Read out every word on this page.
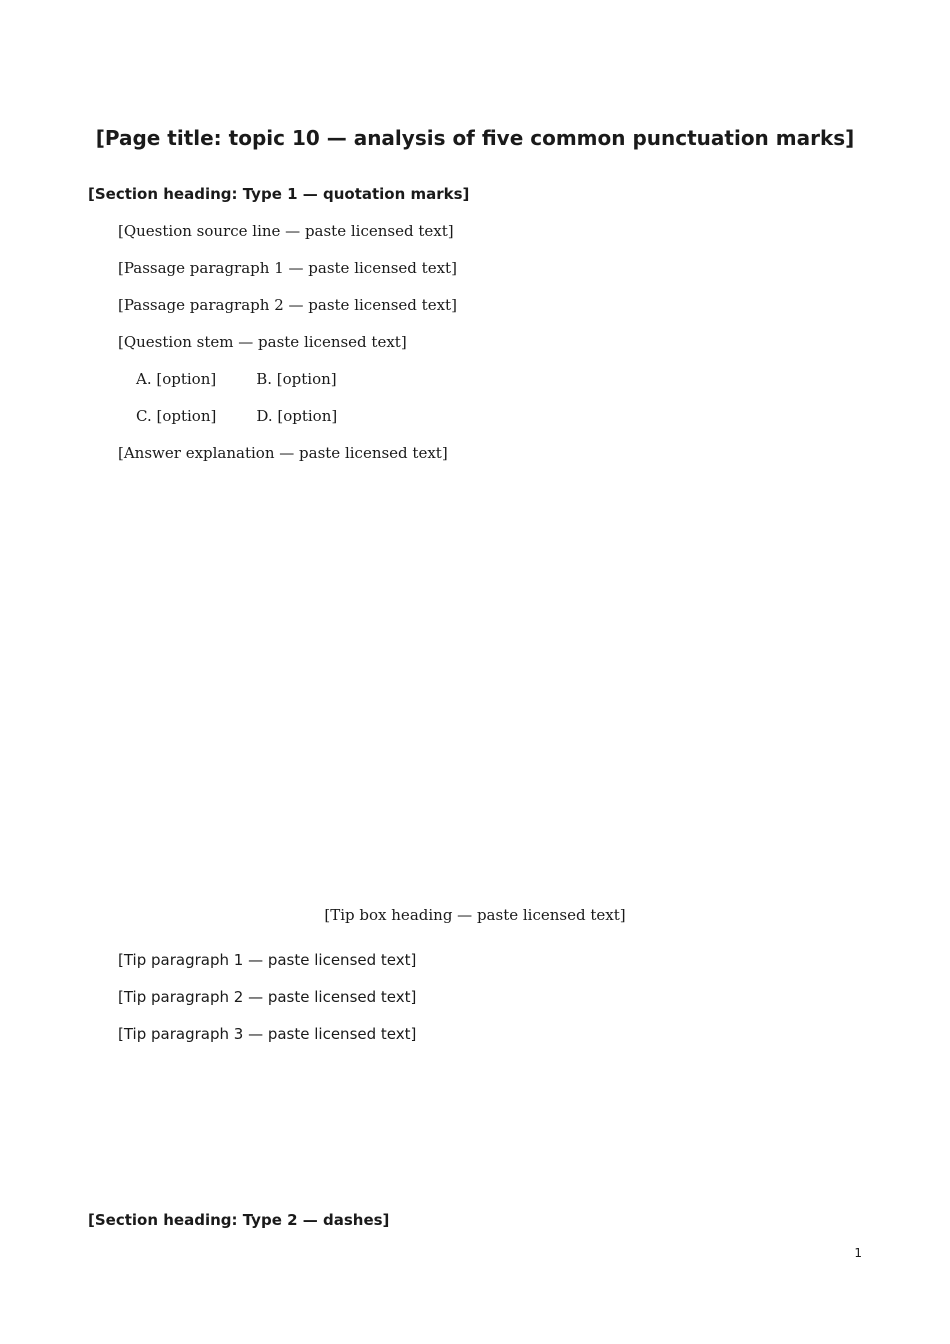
[Page title: topic 10 — analysis of five common punctuation marks]
[Section heading: Type 1 — quotation marks]
[Question source line — paste licensed text]
[Passage paragraph 1 — paste licensed text]
[Passage paragraph 2 — paste licensed text]
[Question stem — paste licensed text]
A. [option]	B. [option]
C. [option]	D. [option]
[Answer explanation — paste licensed text]
[Tip box heading — paste licensed text]
[Tip paragraph 1 — paste licensed text]
[Tip paragraph 2 — paste licensed text]
[Tip paragraph 3 — paste licensed text]
[Section heading: Type 2 — dashes]
1
